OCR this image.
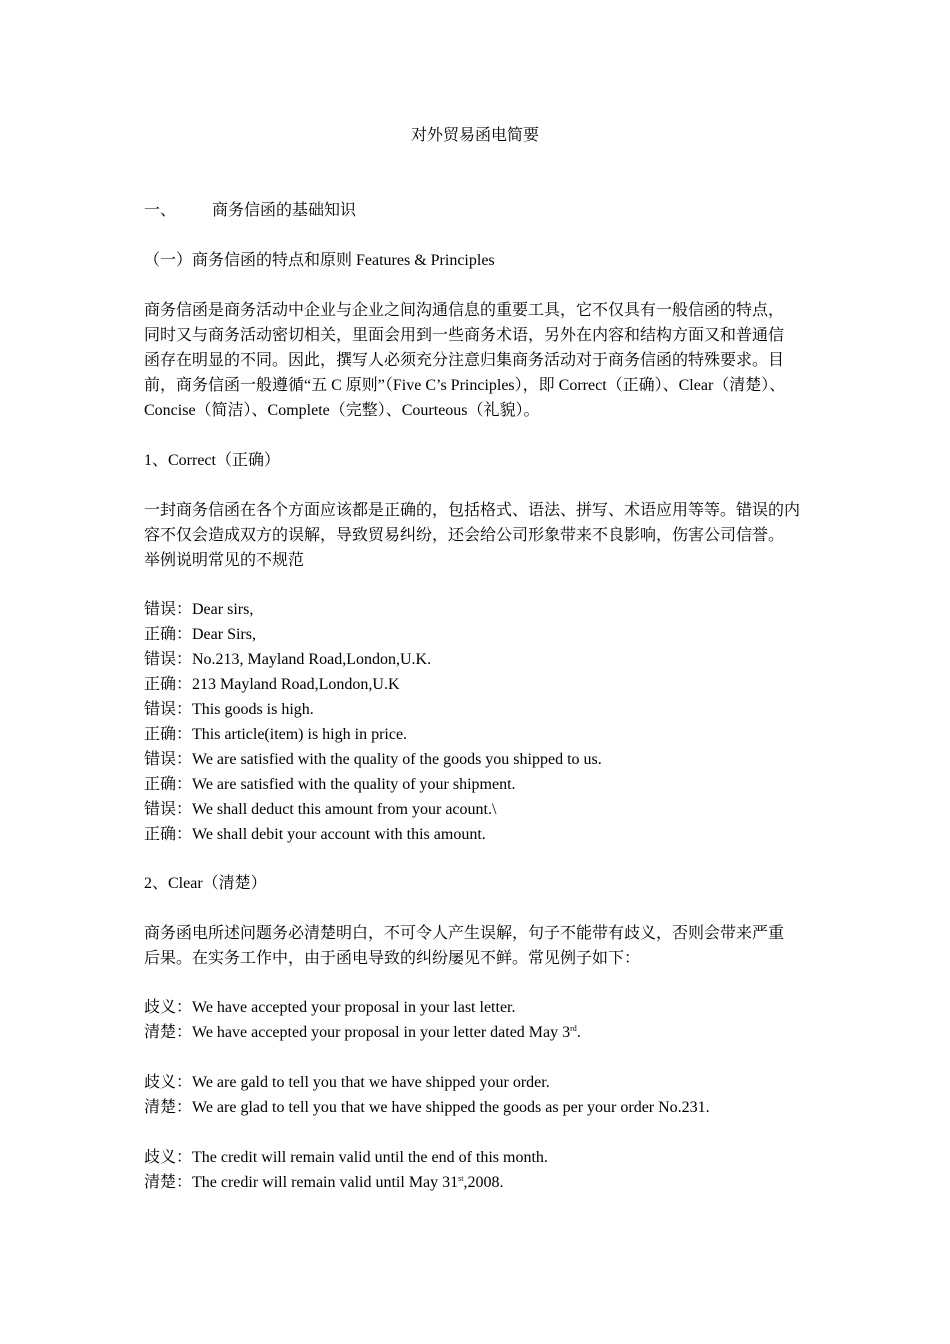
对外贸易函电简要
一、 商务信函的基础知识
（一）商务信函的特点和原则 Features & Principles
商务信函是商务活动中企业与企业之间沟通信息的重要工具，它不仅具有一般信函的特点，
同时又与商务活动密切相关，里面会用到一些商务术语，另外在内容和结构方面又和普通信
函存在明显的不同。因此，撰写人必须充分注意归集商务活动对于商务信函的特殊要求。目
前，商务信函一般遵循“五 C 原则”（Five C’s Principles），即 Correct（正确）、Clear（清楚）、
Concise（简洁）、Complete（完整）、Courteous（礼貌）。
1、Correct（正确）
一封商务信函在各个方面应该都是正确的，包括格式、语法、拼写、术语应用等等。错误的内
容不仅会造成双方的误解，导致贸易纠纷，还会给公司形象带来不良影响，伤害公司信誉。
举例说明常见的不规范
错误：Dear sirs,
正确：Dear Sirs,
错误：No.213, Mayland Road,London,U.K.
正确：213 Mayland Road,London,U.K
错误：This goods is high.
正确：This article(item) is high in price.
错误：We are satisfied with the quality of the goods you shipped to us.
正确：We are satisfied with the quality of your shipment.
错误：We shall deduct this amount from your acount.\
正确：We shall debit your account with this amount.
2、Clear（清楚）
商务函电所述问题务必清楚明白，不可令人产生误解，句子不能带有歧义，否则会带来严重
后果。在实务工作中，由于函电导致的纠纷屡见不鲜。常见例子如下：
歧义：We have accepted your proposal in your last letter.
清楚：We have accepted your proposal in your letter dated May 3rd.
歧义：We are gald to tell you that we have shipped your order.
清楚：We are glad to tell you that we have shipped the goods as per your order No.231.
歧义：The credit will remain valid until the end of this month.
清楚：The credir will remain valid until May 31st,2008.
